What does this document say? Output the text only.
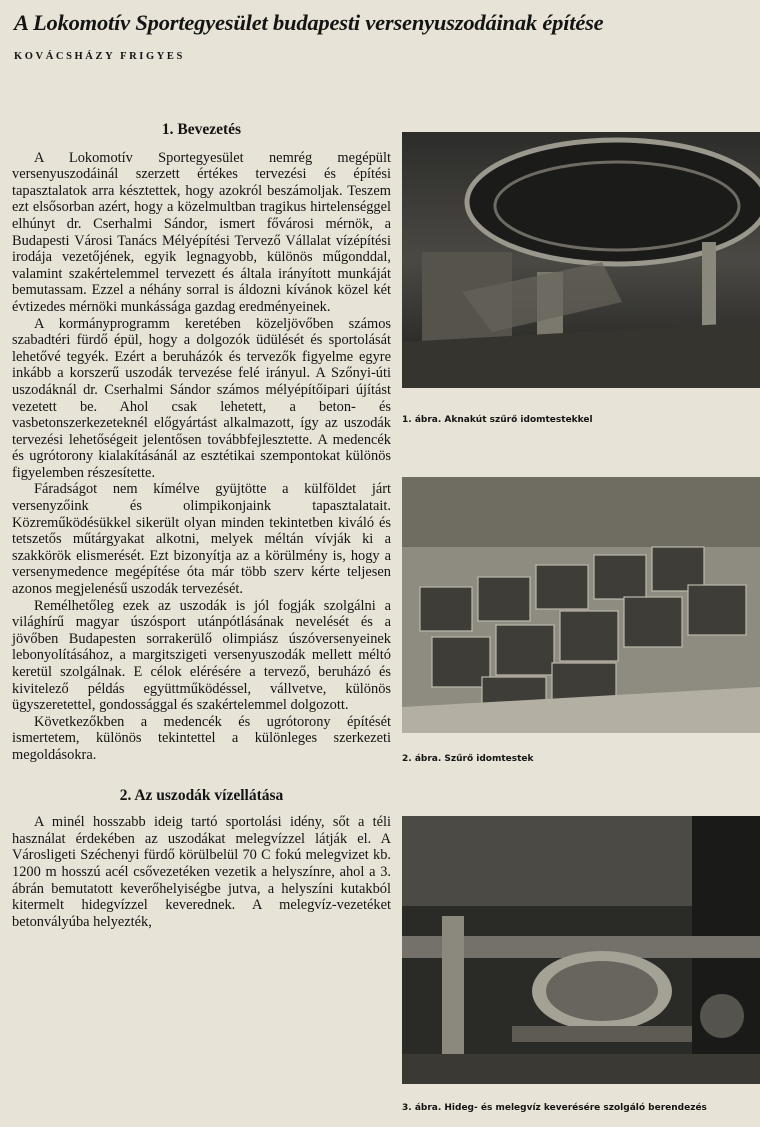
A Lokomotív Sportegyesület budapesti versenyuszodáinak építése
KOVÁCSHÁZY FRIGYES
1. Bevezetés

A Lokomotív Sportegyesület nemrég megépült versenyuszodáinál szerzett értékes tervezési és építési tapasztalatok arra késztettek, hogy azokról beszámoljak. Teszem ezt elsősorban azért, hogy a közelmultban tragikus hirtelenséggel elhúnyt dr. Cserhalmi Sándor, ismert fővárosi mérnök, a Budapesti Városi Tanács Mélyépítési Tervező Vállalat vízépítési irodája vezetőjének, egyik legnagyobb, különös műgonddal, valamint szakértelemmel tervezett és általa irányított munkáját bemutassam. Ezzel a néhány sorral is áldozni kívánok közel két évtizedes mérnöki munkássága gazdag eredményeinek.

A kormányprogramm keretében közeljövőben számos szabadtéri fürdő épül, hogy a dolgozók üdülését és sportolását lehetővé tegyék. Ezért a beruházók és tervezők figyelme egyre inkább a korszerű uszodák tervezése felé irányul. A Szőnyi-úti uszodáknál dr. Cserhalmi Sándor számos mélyépítőipari újítást vezetett be. Ahol csak lehetett, a beton- és vasbetonszerkezeteknél előgyártást alkalmazott, így az uszodák tervezési lehetőségeit jelentősen továbbfejlesztette. A medencék és ugrótorony kialakításánál az esztétikai szempontokat különös figyelemben részesítette.

Fáradságot nem kímélve gyüjtötte a külföldet járt versenyzőink és olimpikonjaink tapasztalatait. Közreműködésükkel sikerült olyan minden tekintetben kiváló és tetszetős műtárgyakat alkotni, melyek méltán vívják ki a szakkörök elismerését. Ezt bizonyítja az a körülmény is, hogy a versenymedence megépítése óta már több szerv kérte teljesen azonos megjelenésű uszodák tervezését.

Remélhetőleg ezek az uszodák is jól fogják szolgálni a világhírű magyar úszósport utánpótlásának nevelését és a jövőben Budapesten sorrakerülő olimpiász úszóversenyeinek lebonyolításához, a margitszigeti versenyuszodák mellett méltó keretül szolgálnak. E célok elérésére a tervező, beruházó és kivitelező példás együttműködéssel, vállvetve, különös ügyszeretettel, gondossággal és szakértelemmel dolgozott.

Következőkben a medencék és ugrótorony építését ismertetem, különös tekintettel a különleges szerkezeti megoldásokra.

2. Az uszodák vízellátása

A minél hosszabb ideig tartó sportolási idény, sőt a téli használat érdekében az uszodákat melegvízzel látják el. A Városligeti Széchenyi fürdő körülbelül 70 C fokú melegvizet kb. 1200 m hosszú acél csővezetéken vezetik a helyszínre, ahol a 3. ábrán bemutatott keverőhelyiségbe jutva, a helyszíni kutakból kitermelt hidegvízzel keverednek. A melegvíz-vezetéket betonvályúba helyezték,

1. ábra. Aknakút szűrő idomtestekkel
2. ábra. Szűrő idomtestek
3. ábra. Hideg- és melegvíz keverésére szolgáló berendezés
